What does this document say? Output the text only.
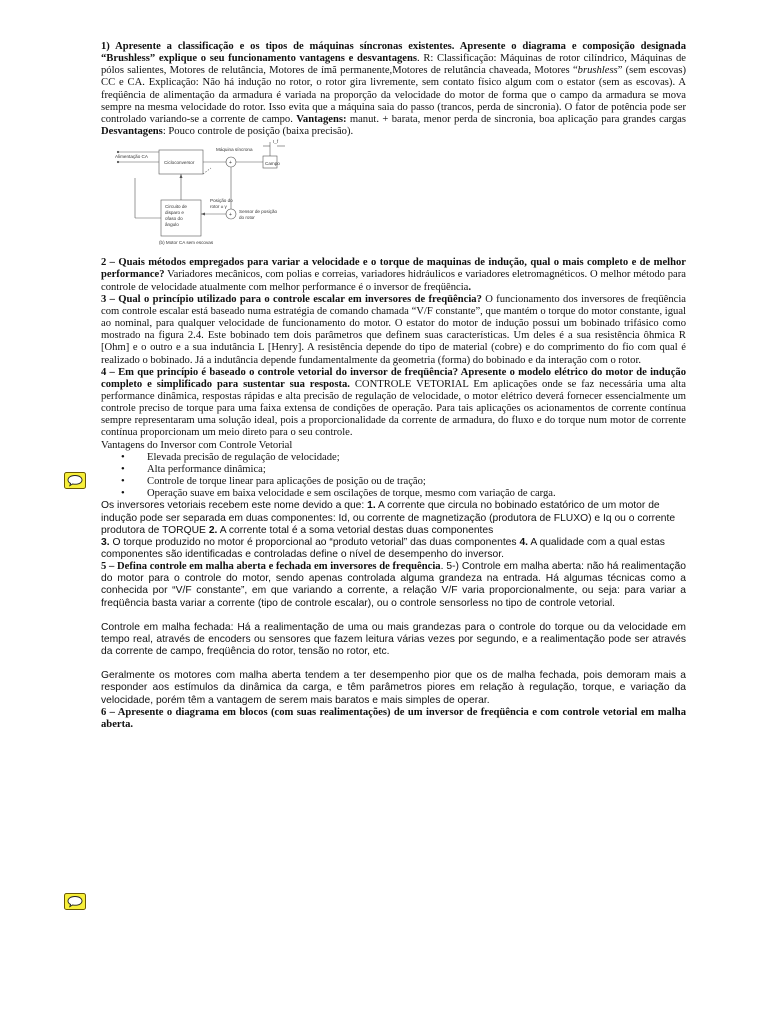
1) Apresente a classificação e os tipos de máquinas síncronas existentes. Apresente o diagrama e composição designada “Brushless” explique o seu funcionamento vantagens e desvantagens. R: Classificação: Máquinas de rotor cilíndrico, Máquinas de pólos salientes, Motores de relutância, Motores de ímã permanente,Motores de relutância chaveada, Motores “brushless” (sem escovas) CC e CA. Explicação: Não há indução no rotor, o rotor gira livremente, sem contato físico algum com o estator (sem as escovas). A freqüência de alimentação da armadura é variada na proporção da velocidade do motor de forma que o campo da armadura se mova sempre na mesma velocidade do rotor. Isso evita que a máquina saia do passo (trancos, perda de sincronia). O fator de potência pode ser controlado variando-se a corrente de campo. Vantagens: manut. + barata, menor perda de sincronia, boa aplicação para grandes cargas Desvantagens: Pouco controle de posição (baixa precisão).

Alimentação CA
Cicloconversor
Máquina síncrona
Campo
I_f
+
+
Circuito de
disparo e
ofaso do
ângulo
Posição do
rotor ± γ
Sensor de posição
do rotor
(b) Motor CA sem escovas

2 – Quais métodos empregados para variar a velocidade e o torque de maquinas de indução, qual o mais completo e de melhor performance? Variadores mecânicos, com polias e correias, variadores hidráulicos e variadores eletromagnéticos. O melhor método para controle de velocidade atualmente com melhor performance é o inversor de freqüência.

3 – Qual o princípio utilizado para o controle escalar em inversores de freqüência? O funcionamento dos inversores de freqüência com controle escalar está baseado numa estratégia de comando chamada “V/F constante”, que mantém o torque do motor constante, igual ao nominal, para qualquer velocidade de funcionamento do motor. O estator do motor de indução possui um bobinado trifásico como mostrado na figura 2.4. Este bobinado tem dois parâmetros que definem suas características. Um deles é a sua resistência ôhmica R [Ohm] e o outro e a sua indutância L [Henry]. A resistência depende do tipo de material (cobre) e do comprimento do fio com qual é realizado o bobinado. Já a indutância depende fundamentalmente da geometria (forma) do bobinado e da interação com o rotor.

4 – Em que princípio é baseado o controle vetorial do inversor de freqüência? Apresente o modelo elétrico do motor de indução completo e simplificado para sustentar sua resposta. CONTROLE VETORIAL Em aplicações onde se faz necessária uma alta performance dinâmica, respostas rápidas e alta precisão de regulação de velocidade, o motor elétrico deverá fornecer essencialmente um controle preciso de torque para uma faixa extensa de condições de operação. Para tais aplicações os acionamentos de corrente contínua sempre representaram uma solução ideal, pois a proporcionalidade da corrente de armadura, do fluxo e do torque num motor de corrente contínua proporcionam um meio direto para o seu controle.

Vantagens do Inversor com Controle Vetorial

• Elevada precisão de regulação de velocidade;
• Alta performance dinâmica;
• Controle de torque linear para aplicações de posição ou de tração;
• Operação suave em baixa velocidade e sem oscilações de torque, mesmo com variação de carga.

Os inversores vetoriais recebem este nome devido a que: 1. A corrente que circula no bobinado estatórico de um motor de indução pode ser separada em duas componentes: Id, ou corrente de magnetização (produtora de FLUXO) e Iq ou o corrente produtora de TORQUE 2. A corrente total é a soma vetorial destas duas componentes

3. O torque produzido no motor é proporcional ao “produto vetorial” das duas componentes 4. A qualidade com a qual estas componentes são identificadas e controladas define o nível de desempenho do inversor.

5 – Defina controle em malha aberta e fechada em inversores de frequência. 5-) Controle em malha aberta: não há realimentação do motor para o controle do motor, sendo apenas controlada alguma grandeza na entrada. Há algumas técnicas como a conhecida por “V/F constante”, em que variando a corrente, a relação V/F varia proporcionalmente, ou seja: para variar a freqüência basta variar a corrente (tipo de controle escalar), ou o controle sensorless no tipo de controle vetorial.

Controle em malha fechada: Há a realimentação de uma ou mais grandezas para o controle do torque ou da velocidade em tempo real, através de encoders ou sensores que fazem leitura várias vezes por segundo, e a realimentação pode ser através da corrente de campo, freqüência do rotor, tensão no rotor, etc.

Geralmente os motores com malha aberta tendem a ter desempenho pior que os de malha fechada, pois demoram mais a responder aos estímulos da dinâmica da carga, e têm parâmetros piores em relação à regulação, torque, e variação da velocidade, porém têm a vantagem de serem mais baratos e mais simples de operar.

6 – Apresente o diagrama em blocos (com suas realimentações) de um inversor de freqüência e com controle vetorial em malha aberta.
